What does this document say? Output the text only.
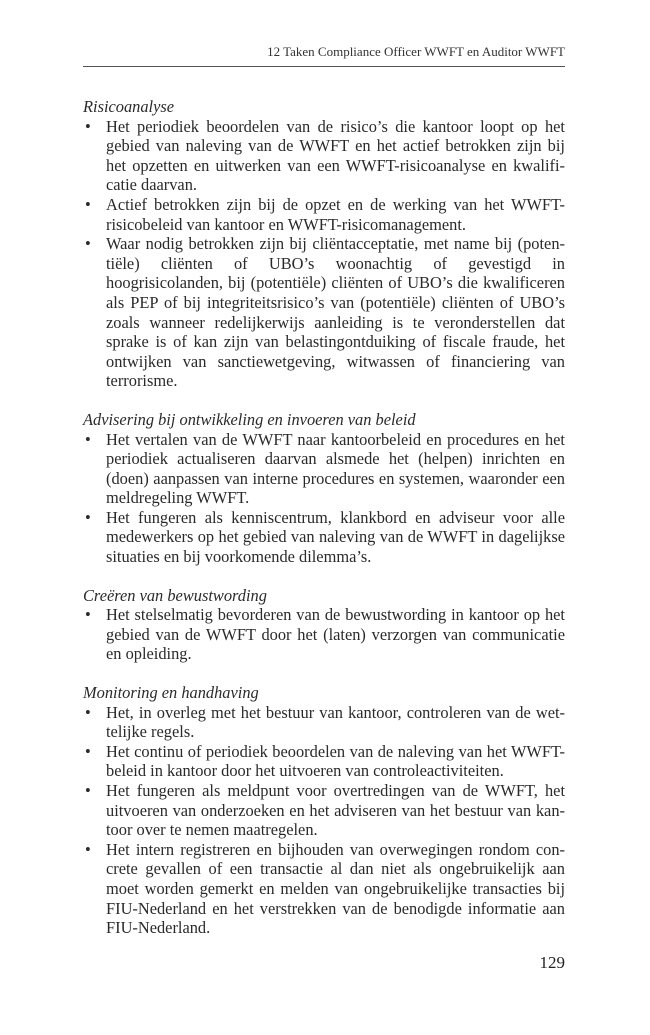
12 Taken Compliance Officer WWFT en Auditor WWFT

Risicoanalyse

• Het periodiek beoordelen van de risico’s die kantoor loopt op het gebied van naleving van de WWFT en het actief betrokken zijn bij het opzetten en uitwerken van een WWFT-risicoanalyse en kwalificatie daarvan.
• Actief betrokken zijn bij de opzet en de werking van het WWFT-risicobeleid van kantoor en WWFT-risicomanagement.
• Waar nodig betrokken zijn bij cliëntacceptatie, met name bij (potentiële) cliënten of UBO’s woonachtig of gevestigd in hoogrisicolanden, bij (potentiële) cliënten of UBO’s die kwalificeren als PEP of bij integriteitsrisico’s van (potentiële) cliënten of UBO’s zoals wanneer redelijkerwijs aanleiding is te veronderstellen dat sprake is of kan zijn van belastingontduiking of fiscale fraude, het ontwijken van sanctiewetgeving, witwassen of financiering van terrorisme.

Advisering bij ontwikkeling en invoeren van beleid

• Het vertalen van de WWFT naar kantoorbeleid en procedures en het periodiek actualiseren daarvan alsmede het (helpen) inrichten en (doen) aanpassen van interne procedures en systemen, waaronder een meldregeling WWFT.
• Het fungeren als kenniscentrum, klankbord en adviseur voor alle medewerkers op het gebied van naleving van de WWFT in dagelijkse situaties en bij voorkomende dilemma’s.

Creëren van bewustwording

• Het stelselmatig bevorderen van de bewustwording in kantoor op het gebied van de WWFT door het (laten) verzorgen van communicatie en opleiding.

Monitoring en handhaving

• Het, in overleg met het bestuur van kantoor, controleren van de wettelijke regels.
• Het continu of periodiek beoordelen van de naleving van het WWFT-beleid in kantoor door het uitvoeren van controleactiviteiten.
• Het fungeren als meldpunt voor overtredingen van de WWFT, het uitvoeren van onderzoeken en het adviseren van het bestuur van kantoor over te nemen maatregelen.
• Het intern registreren en bijhouden van overwegingen rondom concrete gevallen of een transactie al dan niet als ongebruikelijk aan moet worden gemerkt en melden van ongebruikelijke transacties bij FIU-Nederland en het verstrekken van de benodigde informatie aan FIU-Nederland.
129
